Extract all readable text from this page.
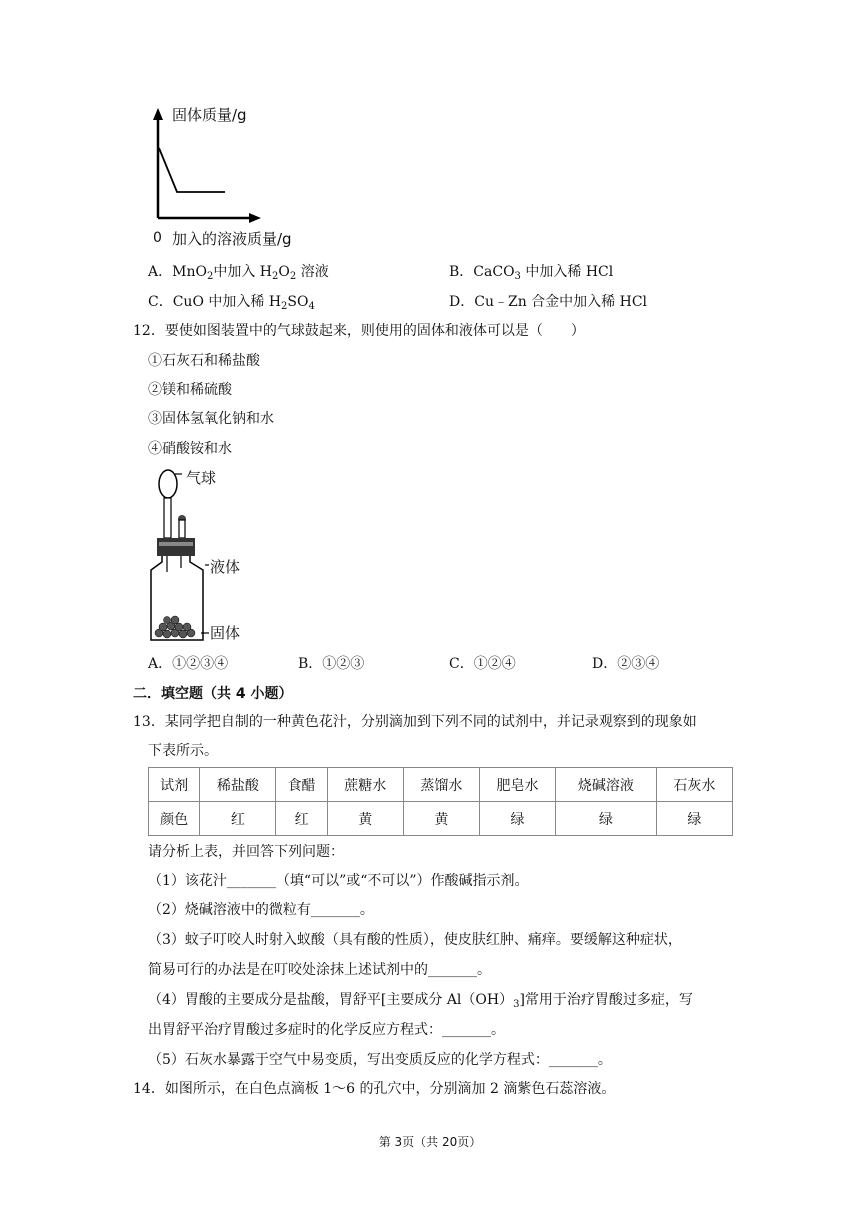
固体质量/g
0 加入的溶液质量/g
A．MnO$_2$中加入 $H_2O_2$ 溶液	B．CaCO$_3$ 中加入稀 HCl
C．CuO 中加入稀 $H_2SO_4$	D．Cu﹣Zn 合金中加入稀 HCl
12．要使如图装置中的气球鼓起来，则使用的固体和液体可以是（　　）
①石灰石和稀盐酸
②镁和稀硫酸
③固体氢氧化钠和水
④硝酸铵和水
气球
液体
固体
A．①②③④	B．①②③	C．①②④	D．②③④
二．填空题（共 4 小题）
13．某同学把自制的一种黄色花汁，分别滴加到下列不同的试剂中，并记录观察到的现象如
下表所示。
试剂	稀盐酸	食醋	蔗糖水	蒸馏水	肥皂水	烧碱溶液	石灰水
颜色	红	红	黄	黄	绿	绿	绿
请分析上表，并回答下列问题：
（1）该花汁_______（填“可以”或“不可以”）作酸碱指示剂。
（2）烧碱溶液中的微粒有_______。
（3）蚊子叮咬人时射入蚁酸（具有酸的性质），使皮肤红肿、痛痒。要缓解这种症状，
简易可行的办法是在叮咬处涂抹上述试剂中的_______。
（4）胃酸的主要成分是盐酸，胃舒平[主要成分 $Al(OH)_3$]常用于治疗胃酸过多症，写
出胃舒平治疗胃酸过多症时的化学反应方程式：_______。
（5）石灰水暴露于空气中易变质，写出变质反应的化学方程式：_______。
14．如图所示，在白色点滴板 1～6 的孔穴中，分别滴加 2 滴紫色石蕊溶液。
第 3页（共 20页）
